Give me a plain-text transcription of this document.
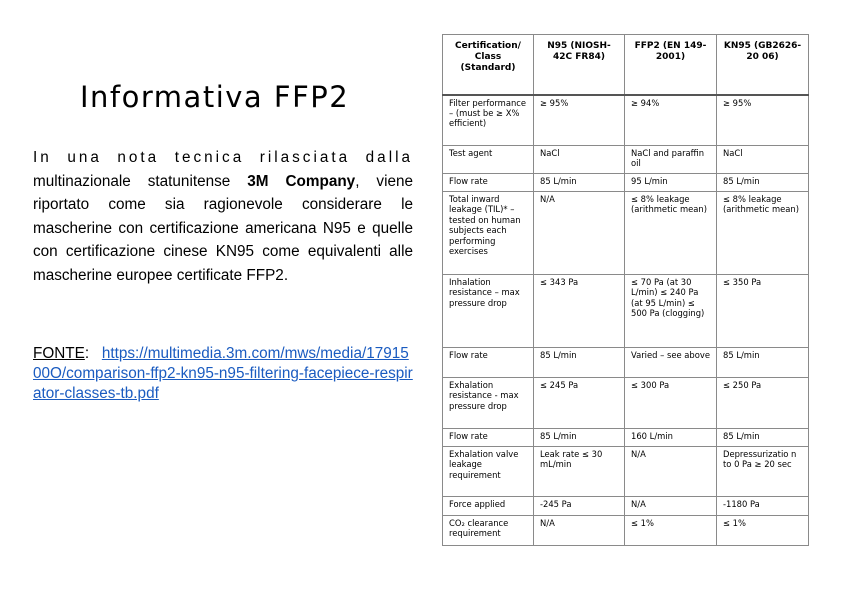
Informativa FFP2

In una nota tecnica rilasciata dalla multinazionale statunitense 3M Company, viene riportato come sia ragionevole considerare le mascherine con certificazione americana N95 e quelle con certificazione cinese KN95 come equivalenti alle mascherine europee certificate FFP2.

FONTE: https://multimedia.3m.com/mws/media/1791500O/comparison-ffp2-kn95-n95-filtering-facepiece-respirator-classes-tb.pdf

Certification/ Class (Standard)	N95 (NIOSH-42C FR84)	FFP2 (EN 149-2001)	KN95 (GB2626-20 06)
Filter performance – (must be ≥ X% efficient)	≥ 95%	≥ 94%	≥ 95%
Test agent	NaCl	NaCl and paraffin oil	NaCl
Flow rate	85 L/min	95 L/min	85 L/min
Total inward leakage (TIL)* – tested on human subjects each performing exercises	N/A	≤ 8% leakage (arithmetic mean)	≤ 8% leakage (arithmetic mean)
Inhalation resistance – max pressure drop	≤ 343 Pa	≤ 70 Pa (at 30 L/min) ≤ 240 Pa (at 95 L/min) ≤ 500 Pa (clogging)	≤ 350 Pa
Flow rate	85 L/min	Varied – see above	85 L/min
Exhalation resistance - max pressure drop	≤ 245 Pa	≤ 300 Pa	≤ 250 Pa
Flow rate	85 L/min	160 L/min	85 L/min
Exhalation valve leakage requirement	Leak rate ≤ 30 mL/min	N/A	Depressurizatio n to 0 Pa ≥ 20 sec
Force applied	-245 Pa	N/A	-1180 Pa
CO₂ clearance requirement	N/A	≤ 1%	≤ 1%
